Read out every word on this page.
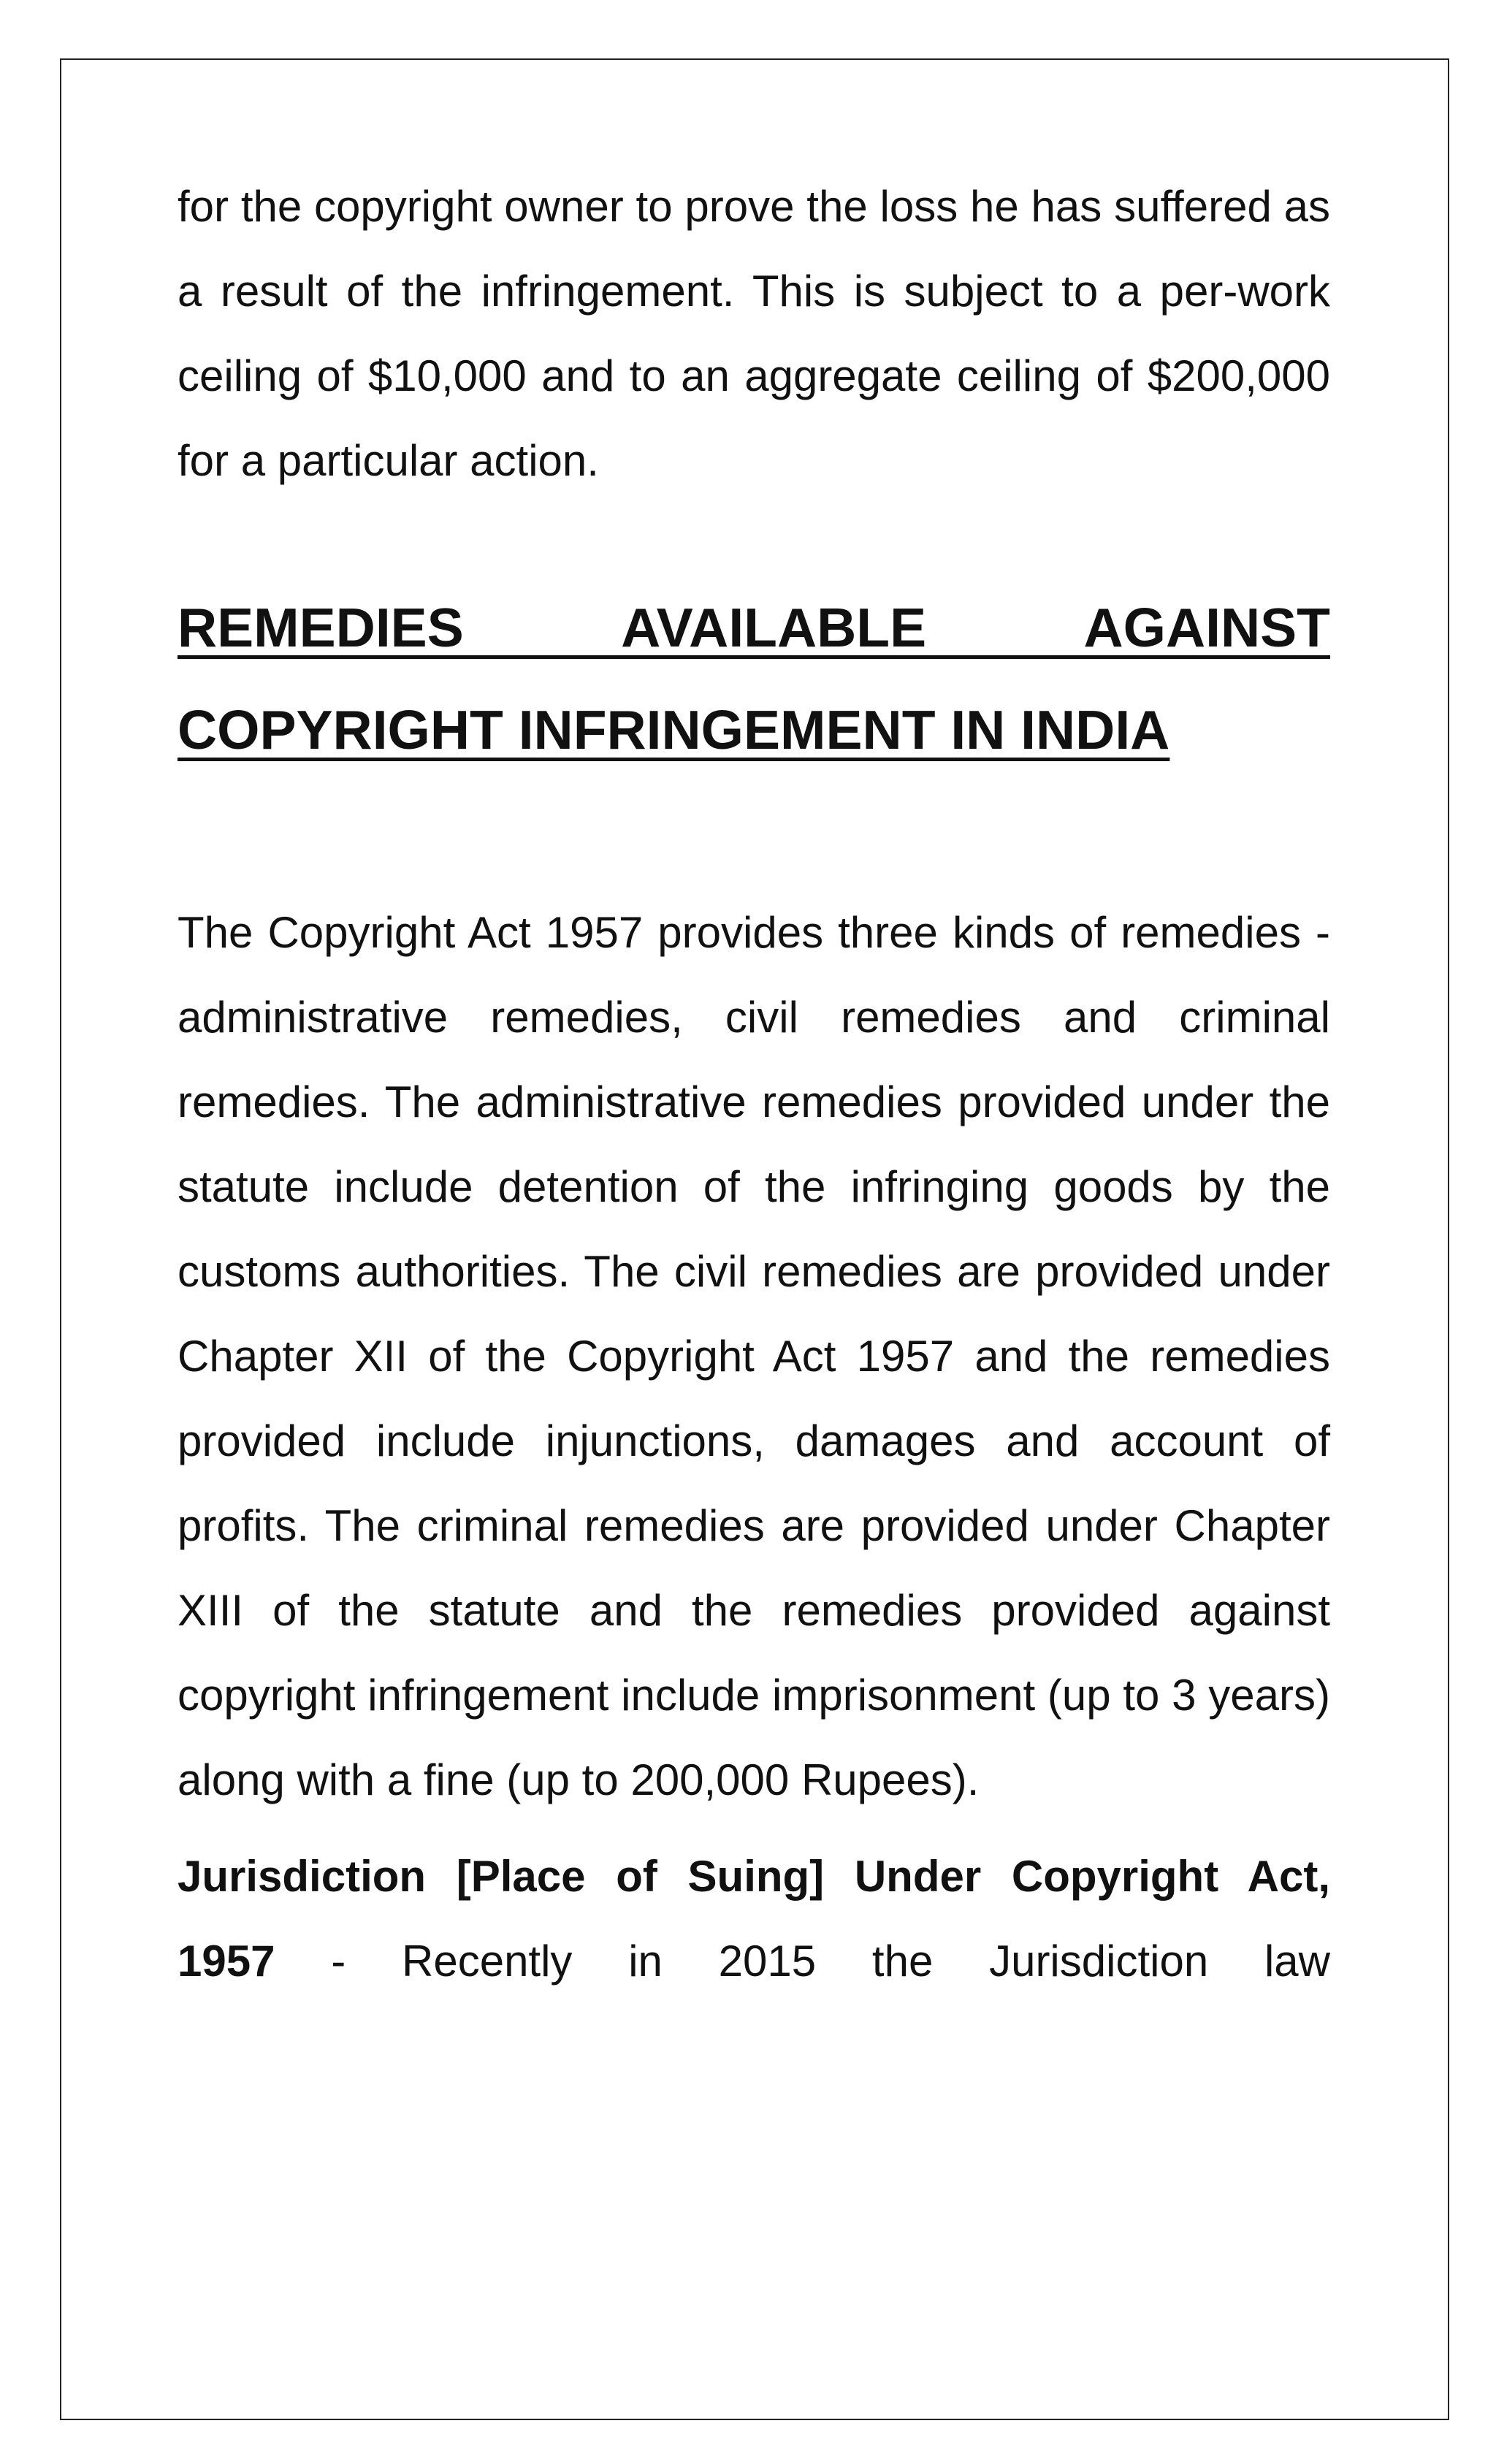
for the copyright owner to prove the loss he has suffered as a result of the infringement. This is subject to a per-work ceiling of $10,000 and to an aggregate ceiling of $200,000 for a particular action.

REMEDIES AVAILABLE AGAINST
COPYRIGHT INFRINGEMENT IN INDIA

The Copyright Act 1957 provides three kinds of remedies - administrative remedies, civil remedies and criminal remedies. The administrative remedies provided under the statute include detention of the infringing goods by the customs authorities. The civil remedies are provided under Chapter XII of the Copyright Act 1957 and the remedies provided include injunctions, damages and account of profits. The criminal remedies are provided under Chapter XIII of the statute and the remedies provided against copyright infringement include imprisonment (up to 3 years) along with a fine (up to 200,000 Rupees).

Jurisdiction [Place of Suing] Under Copyright Act, 1957 - Recently in 2015 the Jurisdiction law
